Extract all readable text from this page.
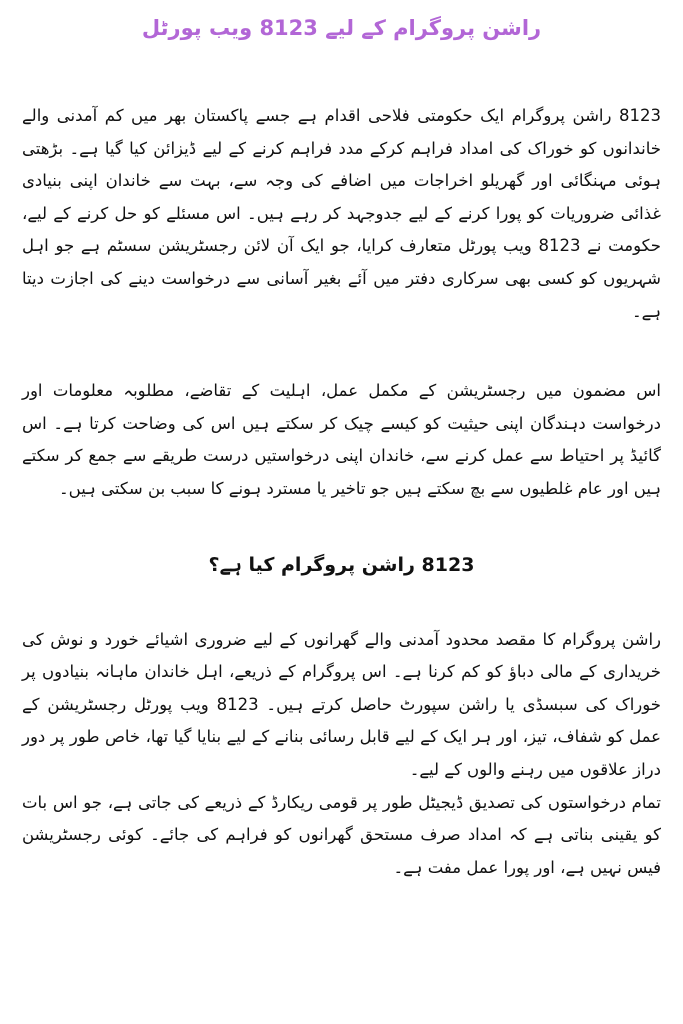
راشن پروگرام کے لیے 8123 ویب پورٹل

8123 راشن پروگرام ایک حکومتی فلاحی اقدام ہے جسے پاکستان بھر میں کم آمدنی والے خاندانوں کو خوراک کی امداد فراہم کرکے مدد فراہم کرنے کے لیے ڈیزائن کیا گیا ہے۔ بڑھتی ہوئی مہنگائی اور گھریلو اخراجات میں اضافے کی وجہ سے، بہت سے خاندان اپنی بنیادی غذائی ضروریات کو پورا کرنے کے لیے جدوجہد کر رہے ہیں۔ اس مسئلے کو حل کرنے کے لیے، حکومت نے 8123 ویب پورٹل متعارف کرایا، جو ایک آن لائن رجسٹریشن سسٹم ہے جو اہل شہریوں کو کسی بھی سرکاری دفتر میں آئے بغیر آسانی سے درخواست دینے کی اجازت دیتا ہے۔

اس مضمون میں رجسٹریشن کے مکمل عمل، اہلیت کے تقاضے، مطلوبہ معلومات اور درخواست دہندگان اپنی حیثیت کو کیسے چیک کر سکتے ہیں اس کی وضاحت کرتا ہے۔ اس گائیڈ پر احتیاط سے عمل کرنے سے، خاندان اپنی درخواستیں درست طریقے سے جمع کر سکتے ہیں اور عام غلطیوں سے بچ سکتے ہیں جو تاخیر یا مسترد ہونے کا سبب بن سکتی ہیں۔

8123 راشن پروگرام کیا ہے؟

راشن پروگرام کا مقصد محدود آمدنی والے گھرانوں کے لیے ضروری اشیائے خورد و نوش کی خریداری کے مالی دباؤ کو کم کرنا ہے۔ اس پروگرام کے ذریعے، اہل خاندان ماہانہ بنیادوں پر خوراک کی سبسڈی یا راشن سپورٹ حاصل کرتے ہیں۔ 8123 ویب پورٹل رجسٹریشن کے عمل کو شفاف، تیز، اور ہر ایک کے لیے قابل رسائی بنانے کے لیے بنایا گیا تھا، خاص طور پر دور دراز علاقوں میں رہنے والوں کے لیے۔

تمام درخواستوں کی تصدیق ڈیجیٹل طور پر قومی ریکارڈ کے ذریعے کی جاتی ہے، جو اس بات کو یقینی بناتی ہے کہ امداد صرف مستحق گھرانوں کو فراہم کی جائے۔ کوئی رجسٹریشن فیس نہیں ہے، اور پورا عمل مفت ہے۔
